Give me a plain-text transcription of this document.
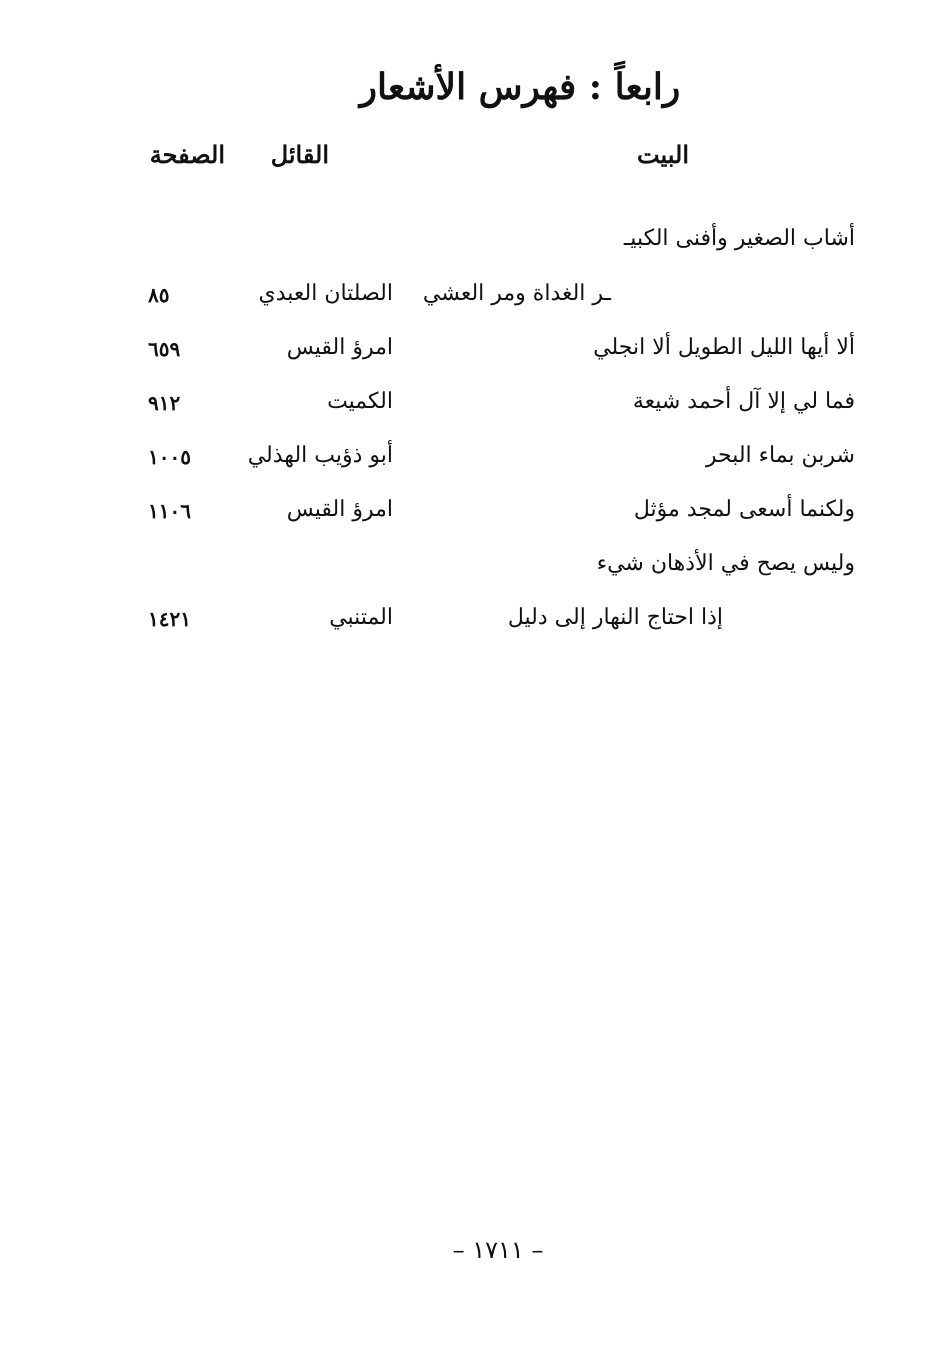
رابعاً : فهرس الأشعار
البيت
القائل
الصفحة
أشاب الصغير وأفنى الكبيـ
ـر الغداة ومر العشي
الصلتان العبدي
٨٥
ألا أيها الليل الطويل ألا انجلي
امرؤ القيس
٦٥٩
فما لي إلا آل أحمد شيعة
الكميت
٩١٢
شربن بماء البحر
أبو ذؤيب الهذلي
١٠٠٥
ولكنما أسعى لمجد مؤثل
امرؤ القيس
١١٠٦
وليس يصح في الأذهان شيء
إذا احتاج النهار إلى دليل
المتنبي
١٤٢١
– ١٧١١ –
